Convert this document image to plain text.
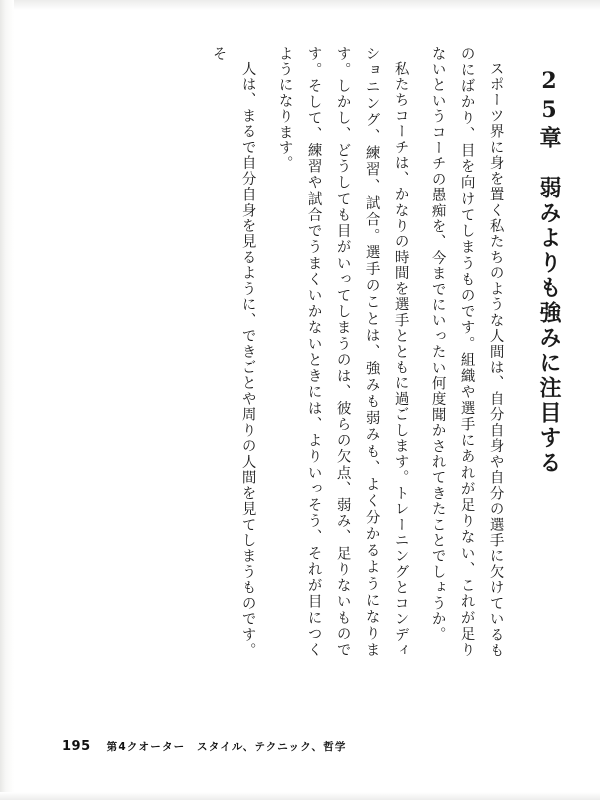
25章　弱みよりも強みに注目する

スポーツ界に身を置く私たちのような人間は、自分自身や自分の選手に欠けているものにばかり、目を向けてしまうものです。組織や選手にあれが足りない、これが足りないというコーチの愚痴を、今までにいったい何度聞かされてきたことでしょうか。

私たちコーチは、かなりの時間を選手とともに過ごします。トレーニングとコンディショニング、練習、試合。選手のことは、強みも弱みも、よく分かるようになります。しかし、どうしても目がいってしまうのは、彼らの欠点、弱み、足りないものです。そして、練習や試合でうまくいかないときには、よりいっそう、それが目につくようになります。

人は、まるで自分自身を見るように、できごとや周りの人間を見てしまうものです。そ

195 第4クオーター　スタイル、テクニック、哲学
